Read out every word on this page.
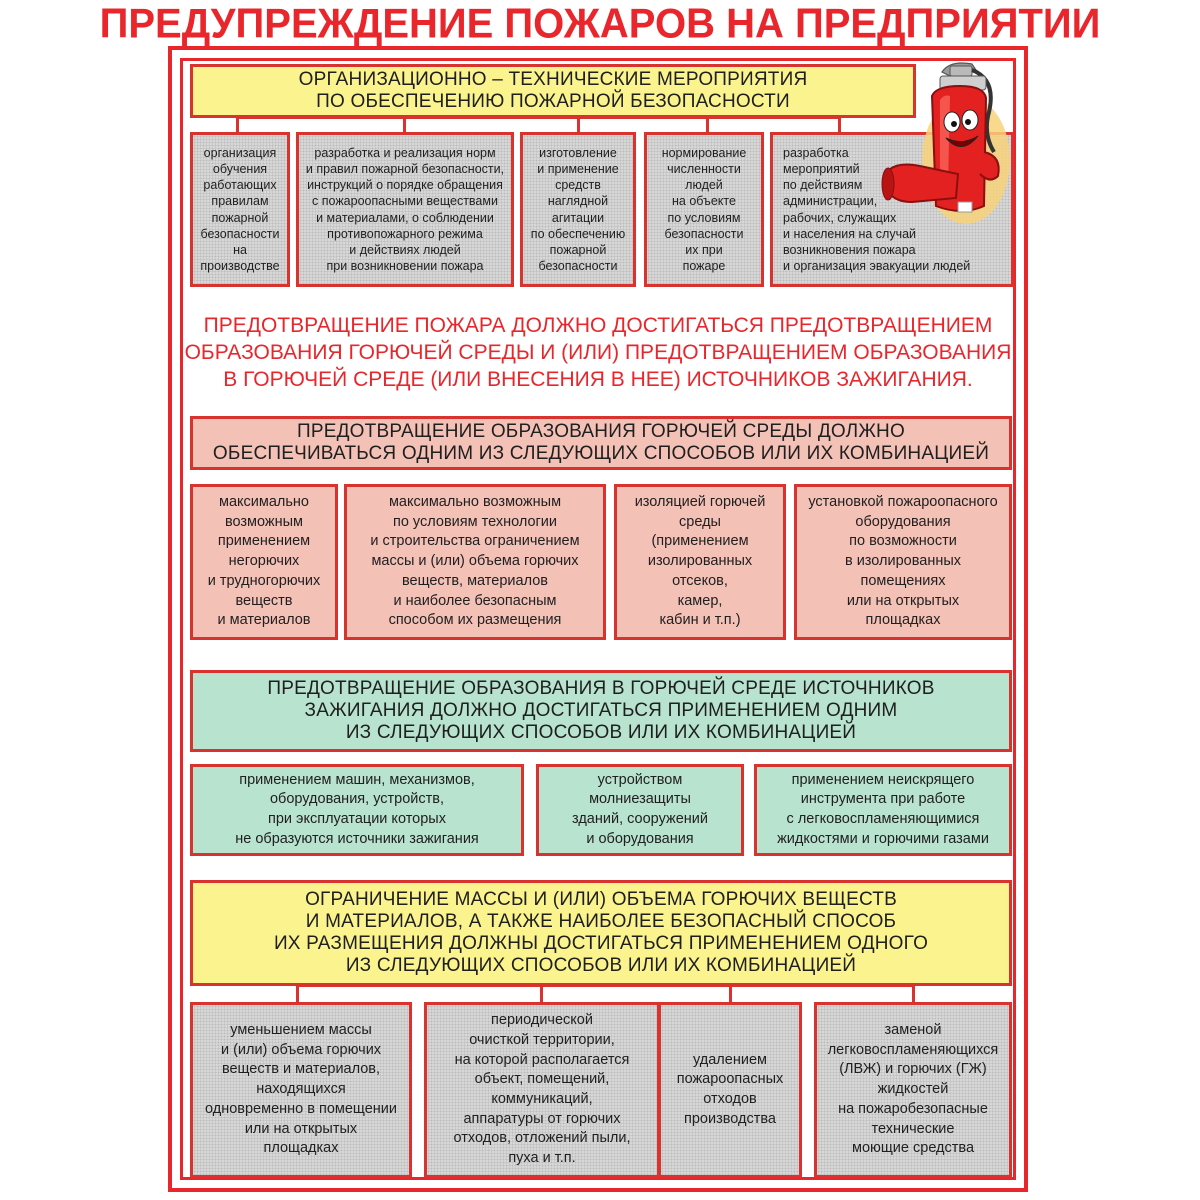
ПРЕДУПРЕЖДЕНИЕ ПОЖАРОВ НА ПРЕДПРИЯТИИ
ОРГАНИЗАЦИОННО – ТЕХНИЧЕСКИЕ МЕРОПРИЯТИЯ
ПО ОБЕСПЕЧЕНИЮ ПОЖАРНОЙ БЕЗОПАСНОСТИ
организация
обучения
работающих
правилам
пожарной
безопасности
на
производстве
разработка и реализация норм
и правил пожарной безопасности,
инструкций о порядке обращения
с пожароопасными веществами
и материалами, о соблюдении
противопожарного режима
и действиях людей
при возникновении пожара
изготовление
и применение
средств
наглядной
агитации
по обеспечению
пожарной
безопасности
нормирование
численности
людей
на объекте
по условиям
безопасности
их при
пожаре
разработка
мероприятий
по действиям
администрации,
рабочих, служащих
и населения на случай
возникновения пожара
и организация эвакуации людей
ПРЕДОТВРАЩЕНИЕ ПОЖАРА ДОЛЖНО ДОСТИГАТЬСЯ ПРЕДОТВРАЩЕНИЕМ
ОБРАЗОВАНИЯ ГОРЮЧЕЙ СРЕДЫ И (ИЛИ) ПРЕДОТВРАЩЕНИЕМ ОБРАЗОВАНИЯ
В ГОРЮЧЕЙ СРЕДЕ (ИЛИ ВНЕСЕНИЯ В НЕЕ) ИСТОЧНИКОВ ЗАЖИГАНИЯ.
ПРЕДОТВРАЩЕНИЕ ОБРАЗОВАНИЯ ГОРЮЧЕЙ СРЕДЫ ДОЛЖНО
ОБЕСПЕЧИВАТЬСЯ ОДНИМ ИЗ СЛЕДУЮЩИХ СПОСОБОВ ИЛИ ИХ КОМБИНАЦИЕЙ
максимально
возможным
применением
негорючих
и трудногорючих
веществ
и материалов
максимально возможным
по условиям технологии
и строительства ограничением
массы и (или) объема горючих
веществ, материалов
и наиболее безопасным
способом их размещения
изоляцией горючей
среды
(применением
изолированных
отсеков,
камер,
кабин и т.п.)
установкой пожароопасного
оборудования
по возможности
в изолированных
помещениях
или на открытых
площадках
ПРЕДОТВРАЩЕНИЕ ОБРАЗОВАНИЯ В ГОРЮЧЕЙ СРЕДЕ ИСТОЧНИКОВ
ЗАЖИГАНИЯ ДОЛЖНО ДОСТИГАТЬСЯ ПРИМЕНЕНИЕМ ОДНИМ
ИЗ СЛЕДУЮЩИХ СПОСОБОВ ИЛИ ИХ КОМБИНАЦИЕЙ
применением машин, механизмов,
оборудования, устройств,
при эксплуатации которых
не образуются источники зажигания
устройством
молниезащиты
зданий, сооружений
и оборудования
применением неискрящего
инструмента при работе
с легковоспламеняющимися
жидкостями и горючими газами
ОГРАНИЧЕНИЕ МАССЫ И (ИЛИ) ОБЪЕМА ГОРЮЧИХ ВЕЩЕСТВ
И МАТЕРИАЛОВ, А ТАКЖЕ НАИБОЛЕЕ БЕЗОПАСНЫЙ СПОСОБ
ИХ РАЗМЕЩЕНИЯ ДОЛЖНЫ ДОСТИГАТЬСЯ ПРИМЕНЕНИЕМ ОДНОГО
ИЗ СЛЕДУЮЩИХ СПОСОБОВ ИЛИ ИХ КОМБИНАЦИЕЙ
уменьшением массы
и (или) объема горючих
веществ и материалов,
находящихся
одновременно в помещении
или на открытых
площадках
периодической
очисткой территории,
на которой располагается
объект, помещений,
коммуникаций,
аппаратуры от горючих
отходов, отложений пыли,
пуха и т.п.
удалением
пожароопасных
отходов
производства
заменой
легковоспламеняющихся
(ЛВЖ) и горючих (ГЖ)
жидкостей
на пожаробезопасные
технические
моющие средства
